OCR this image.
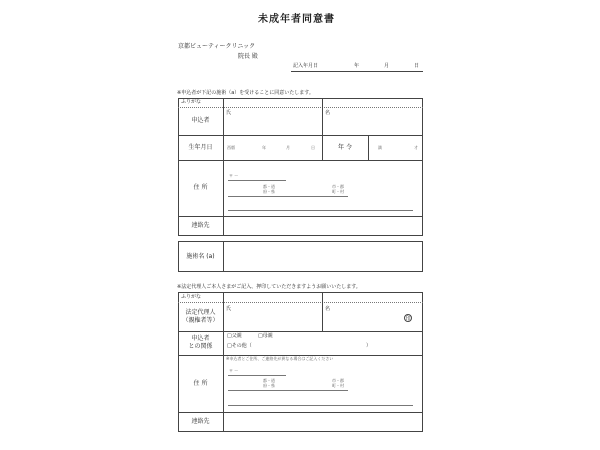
未成年者同意書
京都ビューティークリニック
院長 殿
記入年月日	年	月	日
※申込者が下記の施術（a）を受けることに同意いたします。
ふりがな
申込者
氏	名
生年月日	西暦	年	月	日	年 令	満	才
住 所
〒 ー
都・道
府・県
市・郡
町・村
連絡先
施術名 (a)
※法定代理人ご本人さまがご記入、押印していただきますようお願いいたします。
ふりがな
法定代理人
（親権者等）
氏	名
印
申込者
との関係
□父親	□母親
□その他（	）
※申込者とご住所、ご連絡先が異なる場合はご記入ください
住 所
〒 ー
都・道
府・県
市・郡
町・村
連絡先
